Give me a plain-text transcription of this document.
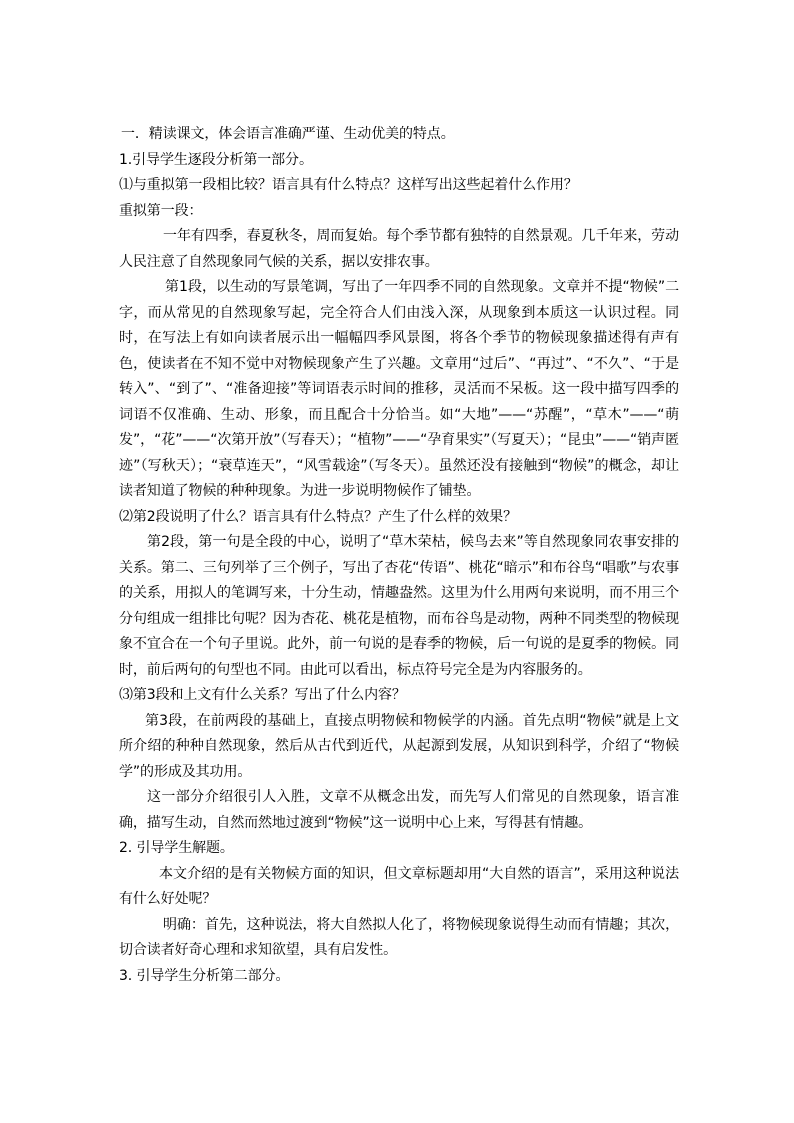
一．精读课文，体会语言准确严谨、生动优美的特点。

1.引导学生逐段分析第一部分。

⑴与重拟第一段相比较？语言具有什么特点？这样写出这些起着什么作用？

重拟第一段：

一年有四季，春夏秋冬，周而复始。每个季节都有独特的自然景观。几千年来，劳动人民注意了自然现象同气候的关系，据以安排农事。

第1段，以生动的写景笔调，写出了一年四季不同的自然现象。文章并不提“物候”二字，而从常见的自然现象写起，完全符合人们由浅入深，从现象到本质这一认识过程。同时，在写法上有如向读者展示出一幅幅四季风景图，将各个季节的物候现象描述得有声有色，使读者在不知不觉中对物候现象产生了兴趣。文章用“过后”、“再过”、“不久”、“于是转入”、“到了”、“准备迎接”等词语表示时间的推移，灵活而不呆板。这一段中描写四季的词语不仅准确、生动、形象，而且配合十分恰当。如“大地”——“苏醒”，“草木”——“萌发”，“花”——“次第开放”（写春天）；“植物”——“孕育果实”（写夏天）；“昆虫”——“销声匿迹”（写秋天）；“衰草连天”，“风雪载途”（写冬天）。虽然还没有接触到“物候”的概念，却让读者知道了物候的种种现象。为进一步说明物候作了铺垫。

⑵第2段说明了什么？语言具有什么特点？产生了什么样的效果？

第2段，第一句是全段的中心，说明了“草木荣枯，候鸟去来”等自然现象同农事安排的关系。第二、三句列举了三个例子，写出了杏花“传语”、桃花“暗示”和布谷鸟“唱歌”与农事的关系，用拟人的笔调写来，十分生动，情趣盎然。这里为什么用两句来说明，而不用三个分句组成一组排比句呢？因为杏花、桃花是植物，而布谷鸟是动物，两种不同类型的物候现象不宜合在一个句子里说。此外，前一句说的是春季的物候，后一句说的是夏季的物候。同时，前后两句的句型也不同。由此可以看出，标点符号完全是为内容服务的。

⑶第3段和上文有什么关系？写出了什么内容？

第3段，在前两段的基础上，直接点明物候和物候学的内涵。首先点明“物候”就是上文所介绍的种种自然现象，然后从古代到近代，从起源到发展，从知识到科学，介绍了“物候学”的形成及其功用。

这一部分介绍很引人入胜，文章不从概念出发，而先写人们常见的自然现象，语言准确，描写生动，自然而然地过渡到“物候”这一说明中心上来，写得甚有情趣。

2. 引导学生解题。

本文介绍的是有关物候方面的知识，但文章标题却用“大自然的语言”，采用这种说法有什么好处呢？

明确：首先，这种说法，将大自然拟人化了，将物候现象说得生动而有情趣；其次，切合读者好奇心理和求知欲望，具有启发性。

3. 引导学生分析第二部分。
